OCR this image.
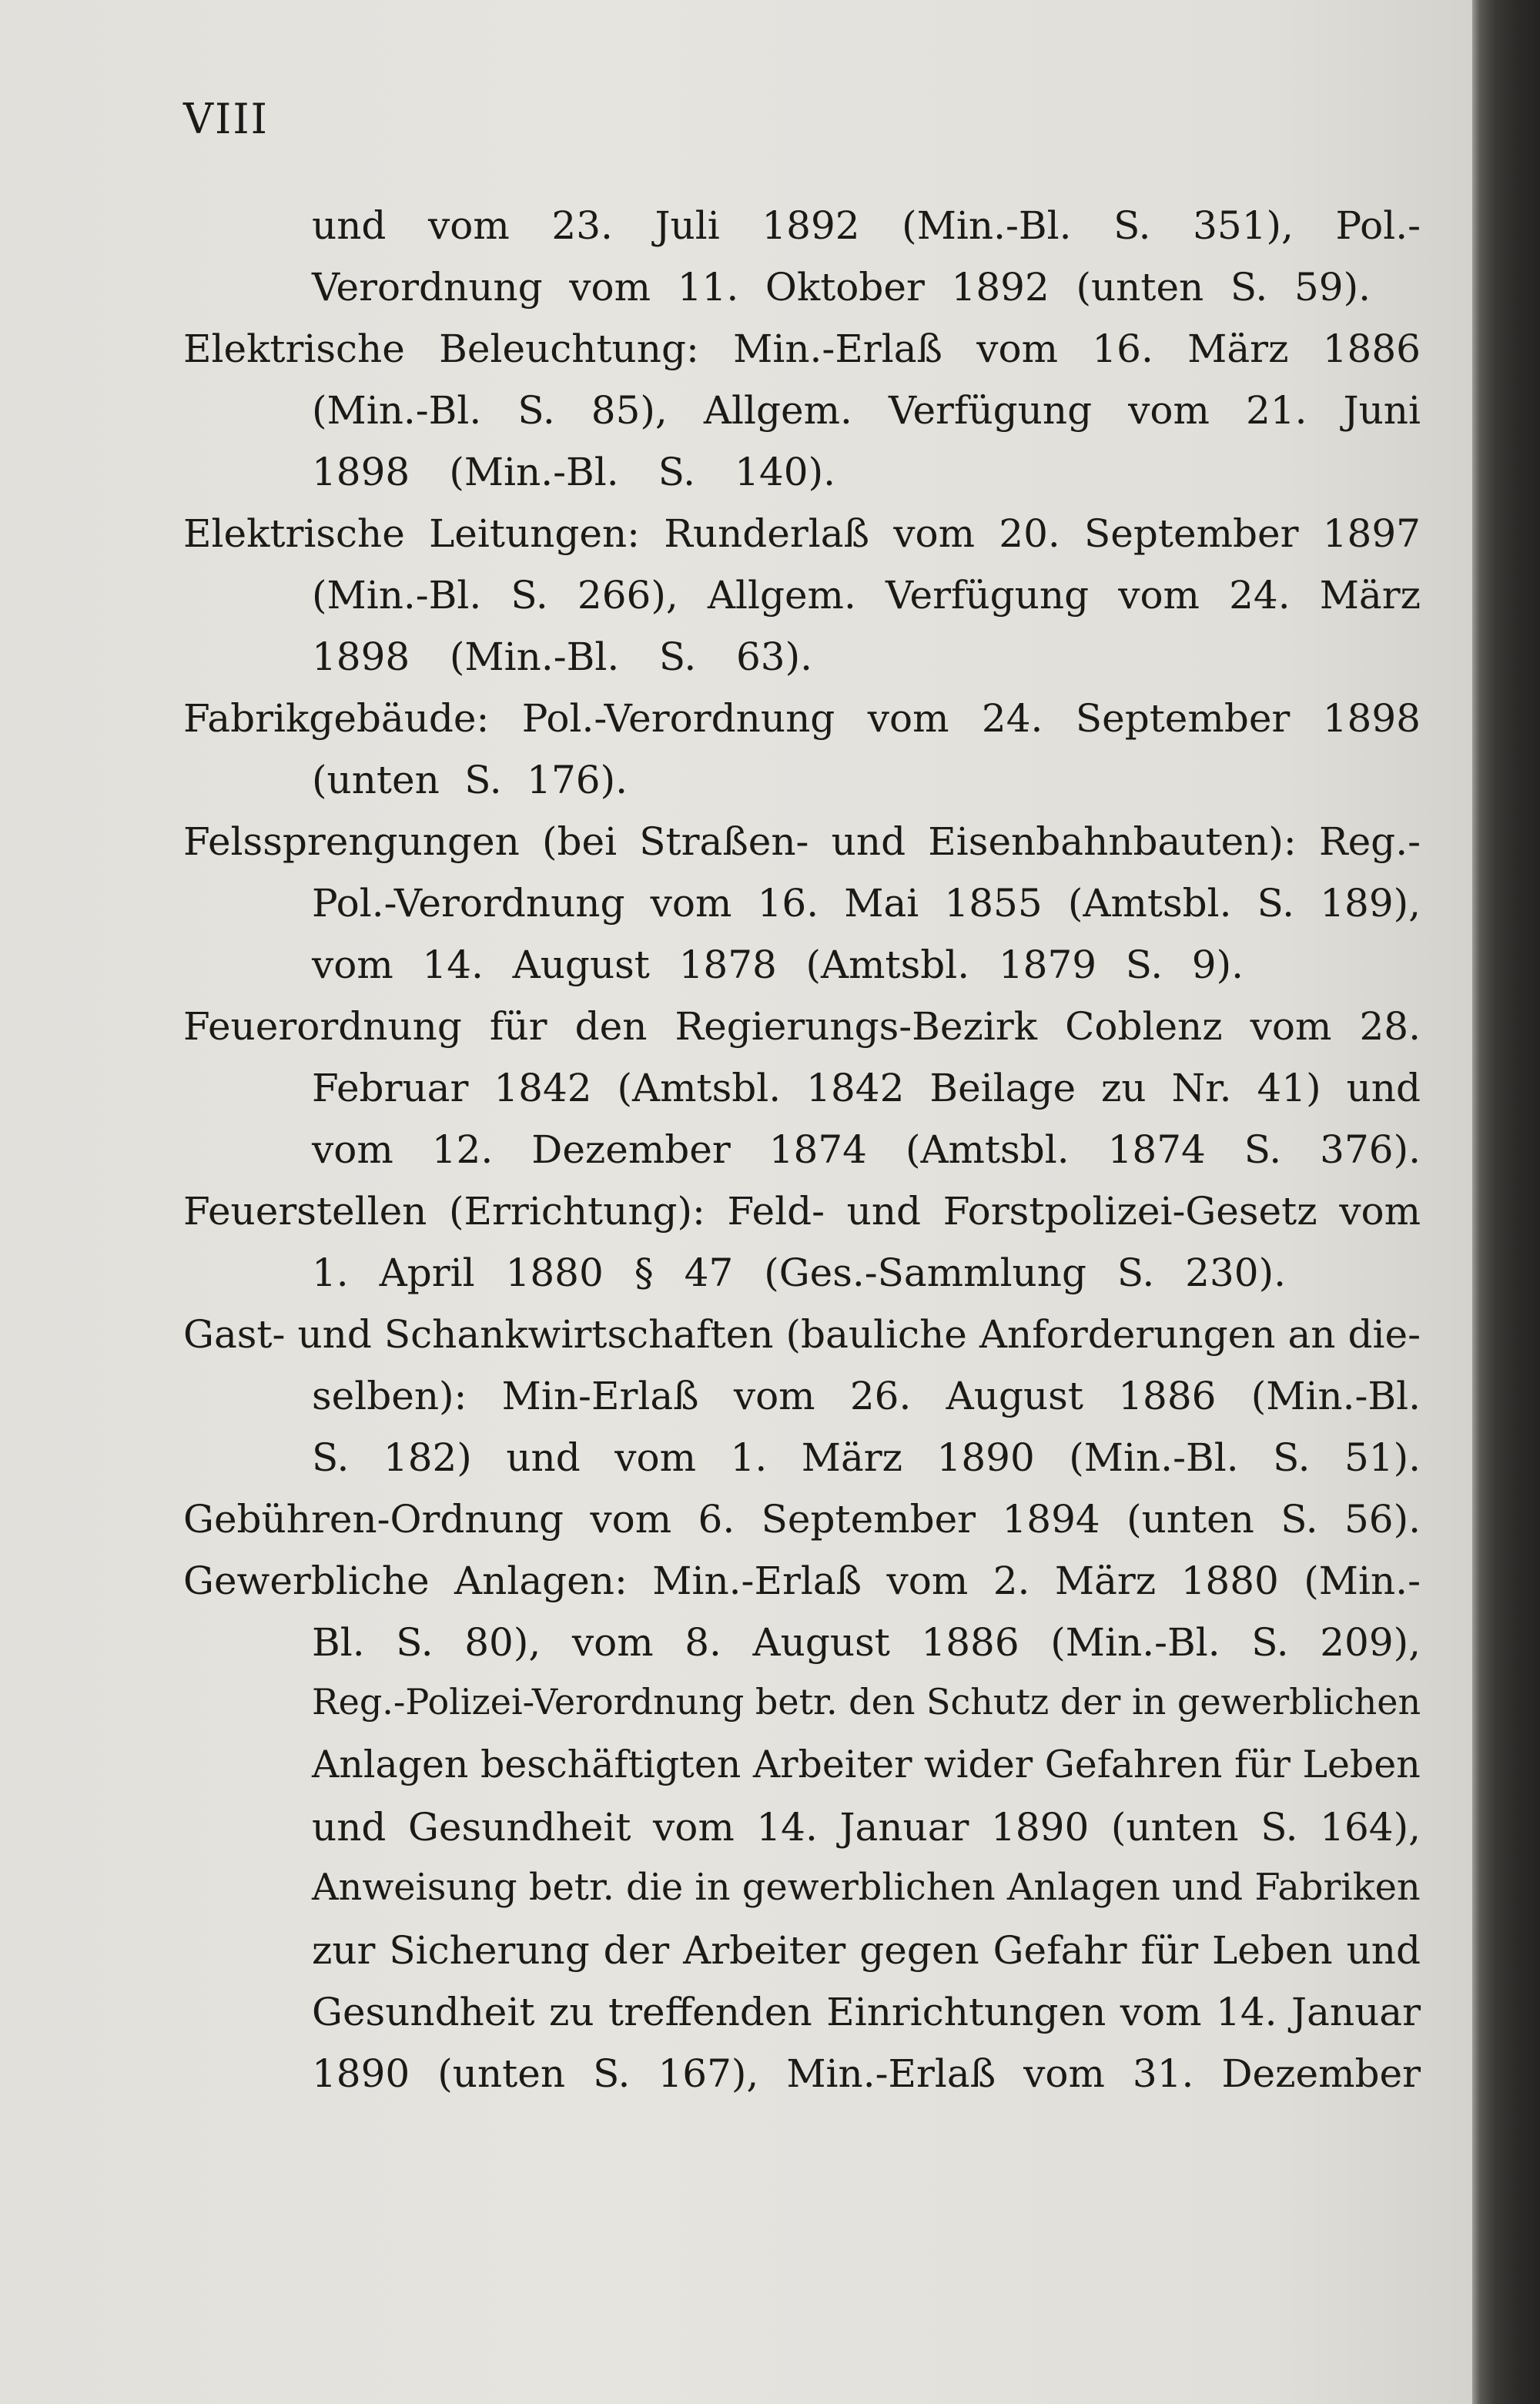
VIII
und vom 23. Juli 1892 (Min.-Bl. S. 351), Pol.-
Verordnung vom 11. Oktober 1892 (unten S. 59).
Elektrische Beleuchtung: Min.-Erlaß vom 16. März 1886
(Min.-Bl. S. 85), Allgem. Verfügung vom 21. Juni
1898 (Min.-Bl. S. 140).
Elektrische Leitungen: Runderlaß vom 20. September 1897
(Min.-Bl. S. 266), Allgem. Verfügung vom 24. März
1898 (Min.-Bl. S. 63).
Fabrikgebäude: Pol.-Verordnung vom 24. September 1898
(unten S. 176).
Felssprengungen (bei Straßen- und Eisenbahnbauten): Reg.-
Pol.-Verordnung vom 16. Mai 1855 (Amtsbl. S. 189),
vom 14. August 1878 (Amtsbl. 1879 S. 9).
Feuerordnung für den Regierungs-Bezirk Coblenz vom 28.
Februar 1842 (Amtsbl. 1842 Beilage zu Nr. 41) und
vom 12. Dezember 1874 (Amtsbl. 1874 S. 376).
Feuerstellen (Errichtung): Feld- und Forstpolizei-Gesetz vom
1. April 1880 § 47 (Ges.-Sammlung S. 230).
Gast- und Schankwirtschaften (bauliche Anforderungen an die-
selben): Min-Erlaß vom 26. August 1886 (Min.-Bl.
S. 182) und vom 1. März 1890 (Min.-Bl. S. 51).
Gebühren-Ordnung vom 6. September 1894 (unten S. 56).
Gewerbliche Anlagen: Min.-Erlaß vom 2. März 1880 (Min.-
Bl. S. 80), vom 8. August 1886 (Min.-Bl. S. 209),
Reg.-Polizei-Verordnung betr. den Schutz der in gewerblichen
Anlagen beschäftigten Arbeiter wider Gefahren für Leben
und Gesundheit vom 14. Januar 1890 (unten S. 164),
Anweisung betr. die in gewerblichen Anlagen und Fabriken
zur Sicherung der Arbeiter gegen Gefahr für Leben und
Gesundheit zu treffenden Einrichtungen vom 14. Januar
1890 (unten S. 167), Min.-Erlaß vom 31. Dezember
